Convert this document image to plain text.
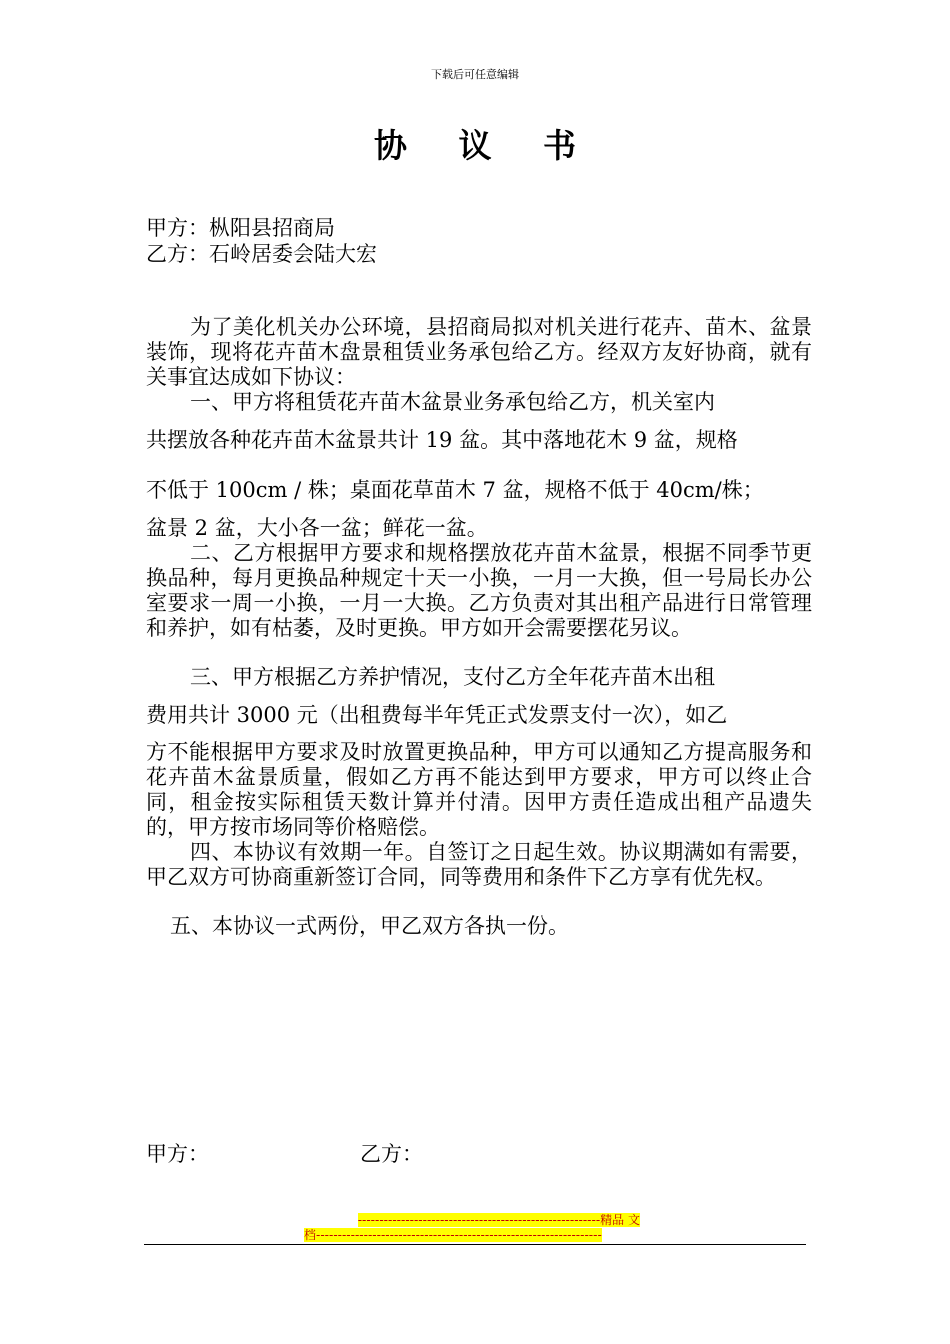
下载后可任意编辑
协 议 书
甲方：枞阳县招商局
乙方：石岭居委会陆大宏

为了美化机关办公环境，县招商局拟对机关进行花卉、苗木、盆景装饰，现将花卉苗木盘景租赁业务承包给乙方。经双方友好协商，就有关事宜达成如下协议：

一、甲方将租赁花卉苗木盆景业务承包给乙方，机关室内

共摆放各种花卉苗木盆景共计 19 盆。其中落地花木 9 盆，规格

不低于 100cm / 株；桌面花草苗木 7 盆，规格不低于 40cm/株；

盆景 2 盆，大小各一盆；鲜花一盆。

二、乙方根据甲方要求和规格摆放花卉苗木盆景，根据不同季节更换品种，每月更换品种规定十天一小换，一月一大换，但一号局长办公室要求一周一小换，一月一大换。乙方负责对其出租产品进行日常管理和养护，如有枯萎，及时更换。甲方如开会需要摆花另议。

三、甲方根据乙方养护情况，支付乙方全年花卉苗木出租

费用共计 3000 元（出租费每半年凭正式发票支付一次），如乙

方不能根据甲方要求及时放置更换品种，甲方可以通知乙方提高服务和花卉苗木盆景质量，假如乙方再不能达到甲方要求，甲方可以终止合同，租金按实际租赁天数计算并付清。因甲方责任造成出租产品遗失的，甲方按市场同等价格赔偿。

四、本协议有效期一年。自签订之日起生效。协议期满如有需要，甲乙双方可协商重新签订合同，同等费用和条件下乙方享有优先权。

五、本协议一式两份，甲乙双方各执一份。

甲方：	乙方：
--------------------------------------------------------精品 文
档------------------------------------------------------------------
